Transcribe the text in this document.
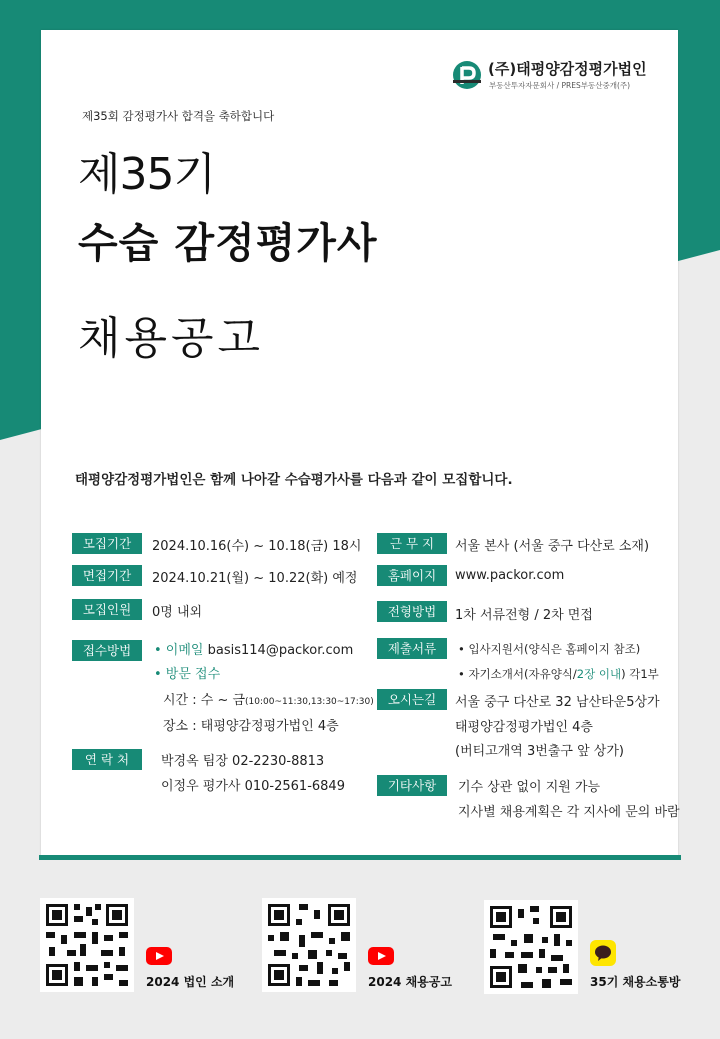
(주)태평양감정평가법인
부동산투자자문회사 / PRES부동산중개(주)
제35회 감정평가사 합격을 축하합니다
제35기
수습 감정평가사
채용공고
태평양감정평가법인은 함께 나아갈 수습평가사를 다음과 같이 모집합니다.
모집기간	2024.10.16(수) ~ 10.18(금) 18시
면접기간	2024.10.21(월) ~ 10.22(화) 예정
모집인원	0명 내외
접수방법	• 이메일 basis114@packor.com
• 방문 접수
시간 : 수 ~ 금(10:00~11:30,13:30~17:30)
장소 : 태평양감정평가법인 4층
연 락 처	박경옥 팀장 02-2230-8813
이정우 평가사 010-2561-6849
근 무 지	서울 본사 (서울 중구 다산로 소재)
홈페이지	www.packor.com
전형방법	1차 서류전형 / 2차 면접
제출서류	• 입사지원서(양식은 홈페이지 참조)
• 자기소개서(자유양식/2장 이내) 각1부
오시는길	서울 중구 다산로 32 남산타운5상가
태평양감정평가법인 4층
(버티고개역 3번출구 앞 상가)
기타사항	기수 상관 없이 지원 가능
지사별 채용계획은 각 지사에 문의 바람
2024 법인 소개	2024 채용공고	35기 채용소통방
